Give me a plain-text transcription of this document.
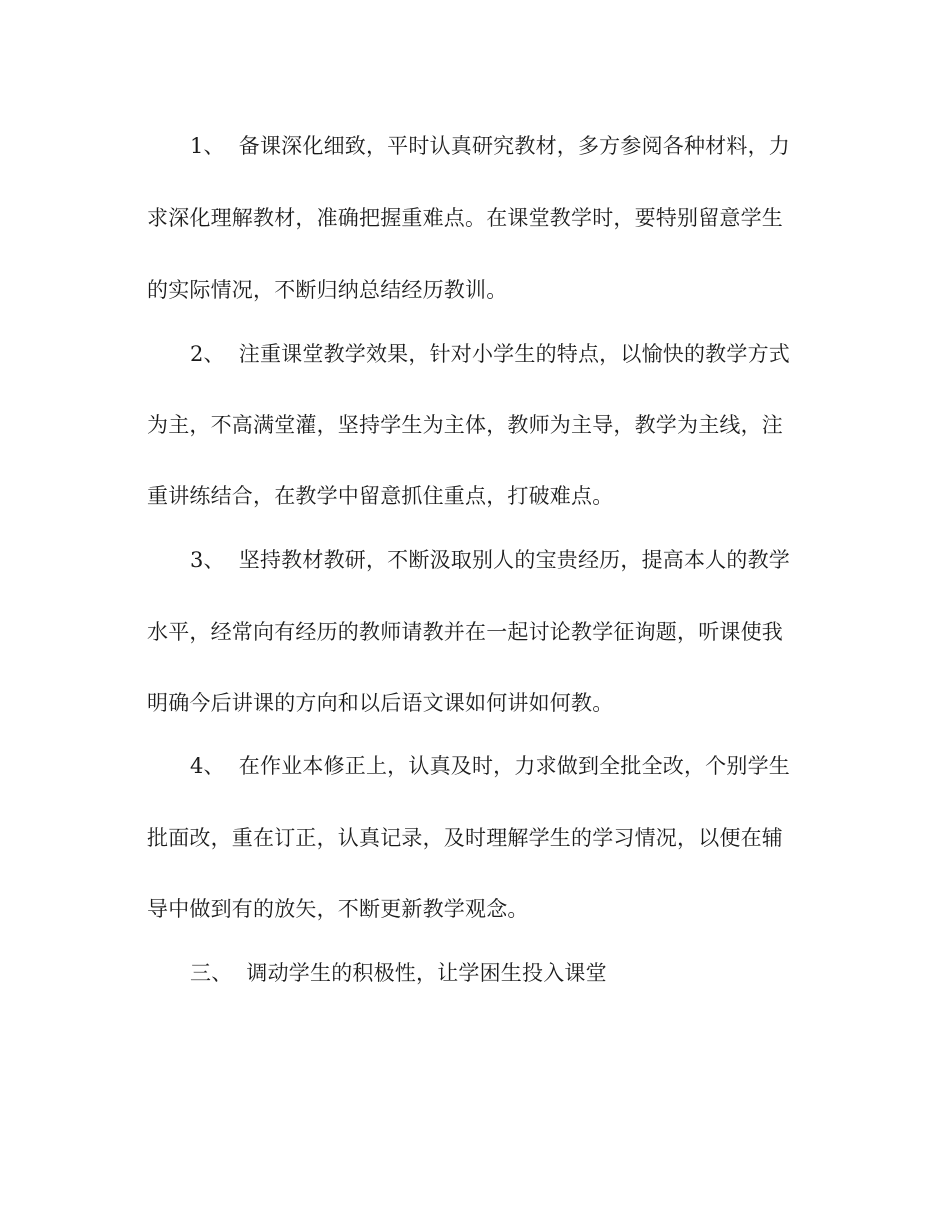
1、 备课深化细致，平时认真研究教材，多方参阅各种材料，力
求深化理解教材，准确把握重难点。在课堂教学时，要特别留意学生
的实际情况，不断归纳总结经历教训。
2、 注重课堂教学效果，针对小学生的特点，以愉快的教学方式
为主，不高满堂灌，坚持学生为主体，教师为主导，教学为主线，注
重讲练结合，在教学中留意抓住重点，打破难点。
3、 坚持教材教研，不断汲取别人的宝贵经历，提高本人的教学
水平，经常向有经历的教师请教并在一起讨论教学征询题，听课使我
明确今后讲课的方向和以后语文课如何讲如何教。
4、 在作业本修正上，认真及时，力求做到全批全改，个别学生
批面改，重在订正，认真记录，及时理解学生的学习情况，以便在辅
导中做到有的放矢，不断更新教学观念。
三、 调动学生的积极性，让学困生投入课堂
